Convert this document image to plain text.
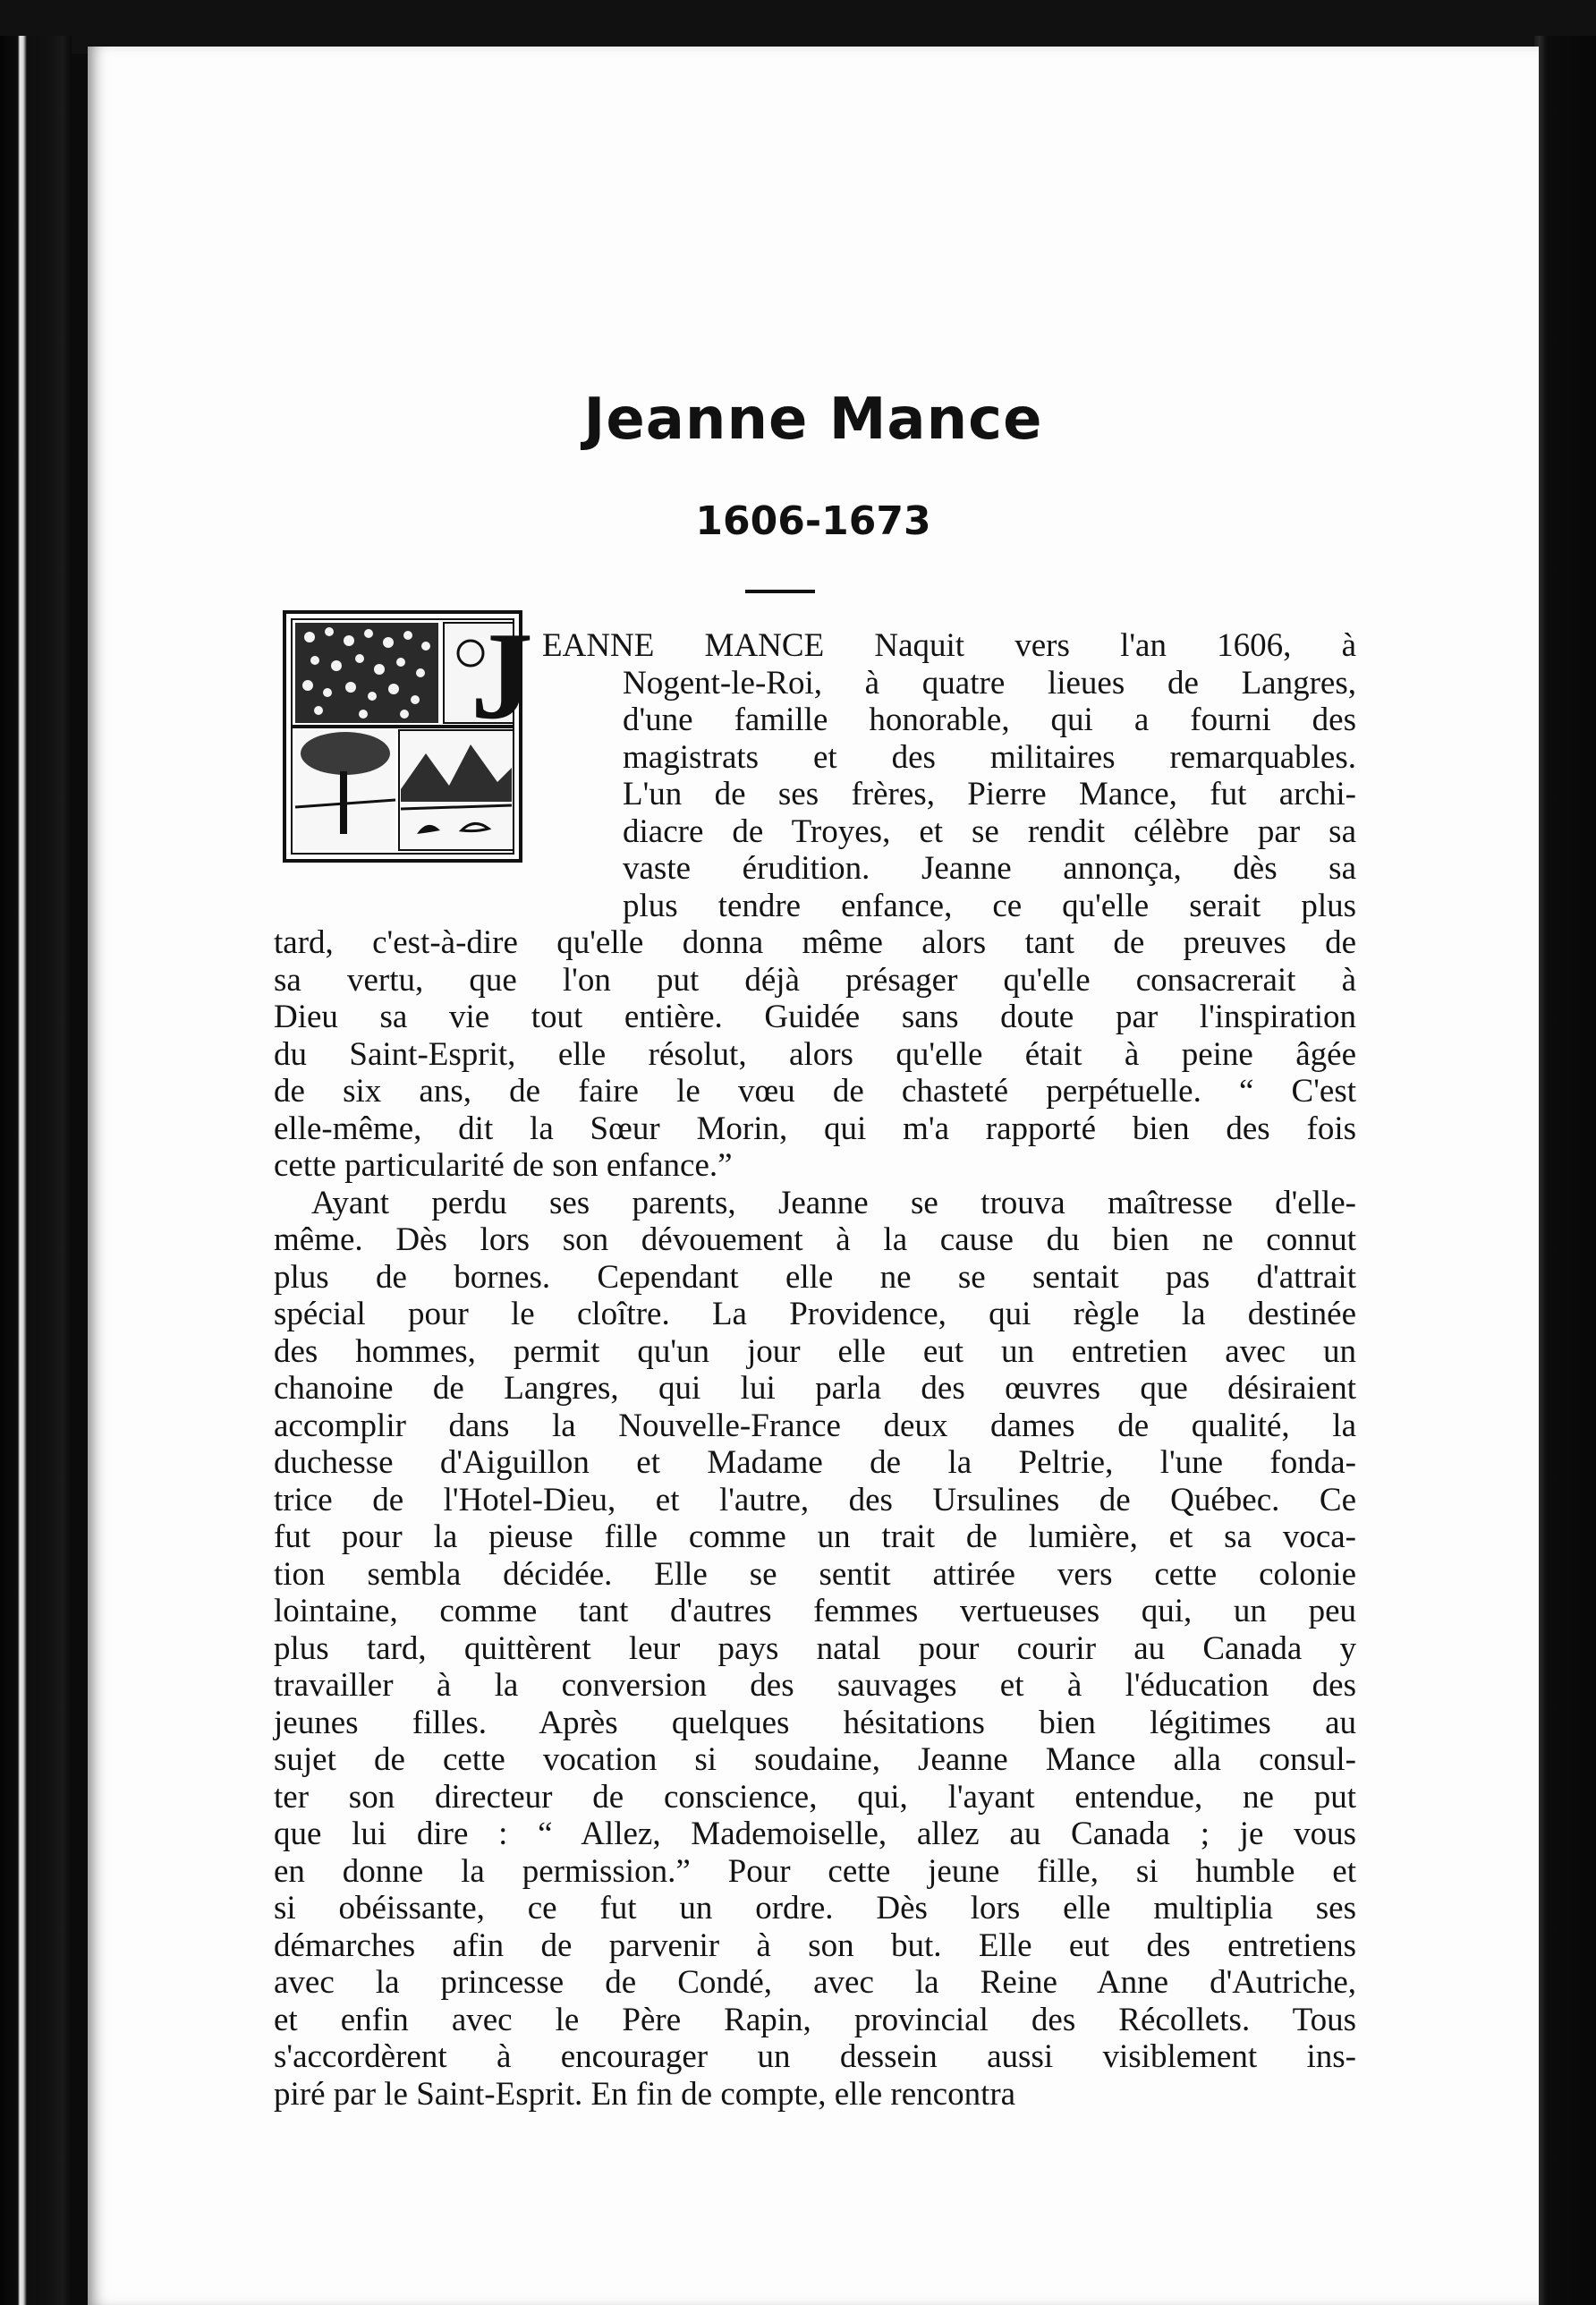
Jeanne Mance
1606-1673
J EANNE MANCE Naquit vers l'an 1606, à

Nogent-le-Roi, à quatre lieues de Langres,

d'une famille honorable, qui a fourni des

magistrats et des militaires remarquables.

L'un de ses frères, Pierre Mance, fut archi-

diacre de Troyes, et se rendit célèbre par sa

vaste érudition. Jeanne annonça, dès sa

plus tendre enfance, ce qu'elle serait plus

tard, c'est-à-dire qu'elle donna même alors tant de preuves de

sa vertu, que l'on put déjà présager qu'elle consacrerait à

Dieu sa vie tout entière. Guidée sans doute par l'inspiration

du Saint-Esprit, elle résolut, alors qu'elle était à peine âgée

de six ans, de faire le vœu de chasteté perpétuelle. “ C'est

elle-même, dit la Sœur Morin, qui m'a rapporté bien des fois

cette particularité de son enfance.”

Ayant perdu ses parents, Jeanne se trouva maîtresse d'elle-

même. Dès lors son dévouement à la cause du bien ne connut

plus de bornes. Cependant elle ne se sentait pas d'attrait

spécial pour le cloître. La Providence, qui règle la destinée

des hommes, permit qu'un jour elle eut un entretien avec un

chanoine de Langres, qui lui parla des œuvres que désiraient

accomplir dans la Nouvelle-France deux dames de qualité, la

duchesse d'Aiguillon et Madame de la Peltrie, l'une fonda-

trice de l'Hotel-Dieu, et l'autre, des Ursulines de Québec. Ce

fut pour la pieuse fille comme un trait de lumière, et sa voca-

tion sembla décidée. Elle se sentit attirée vers cette colonie

lointaine, comme tant d'autres femmes vertueuses qui, un peu

plus tard, quittèrent leur pays natal pour courir au Canada y

travailler à la conversion des sauvages et à l'éducation des

jeunes filles. Après quelques hésitations bien légitimes au

sujet de cette vocation si soudaine, Jeanne Mance alla consul-

ter son directeur de conscience, qui, l'ayant entendue, ne put

que lui dire : “ Allez, Mademoiselle, allez au Canada ; je vous

en donne la permission.” Pour cette jeune fille, si humble et

si obéissante, ce fut un ordre. Dès lors elle multiplia ses

démarches afin de parvenir à son but. Elle eut des entretiens

avec la princesse de Condé, avec la Reine Anne d'Autriche,

et enfin avec le Père Rapin, provincial des Récollets. Tous

s'accordèrent à encourager un dessein aussi visiblement ins-

piré par le Saint-Esprit. En fin de compte, elle rencontra
